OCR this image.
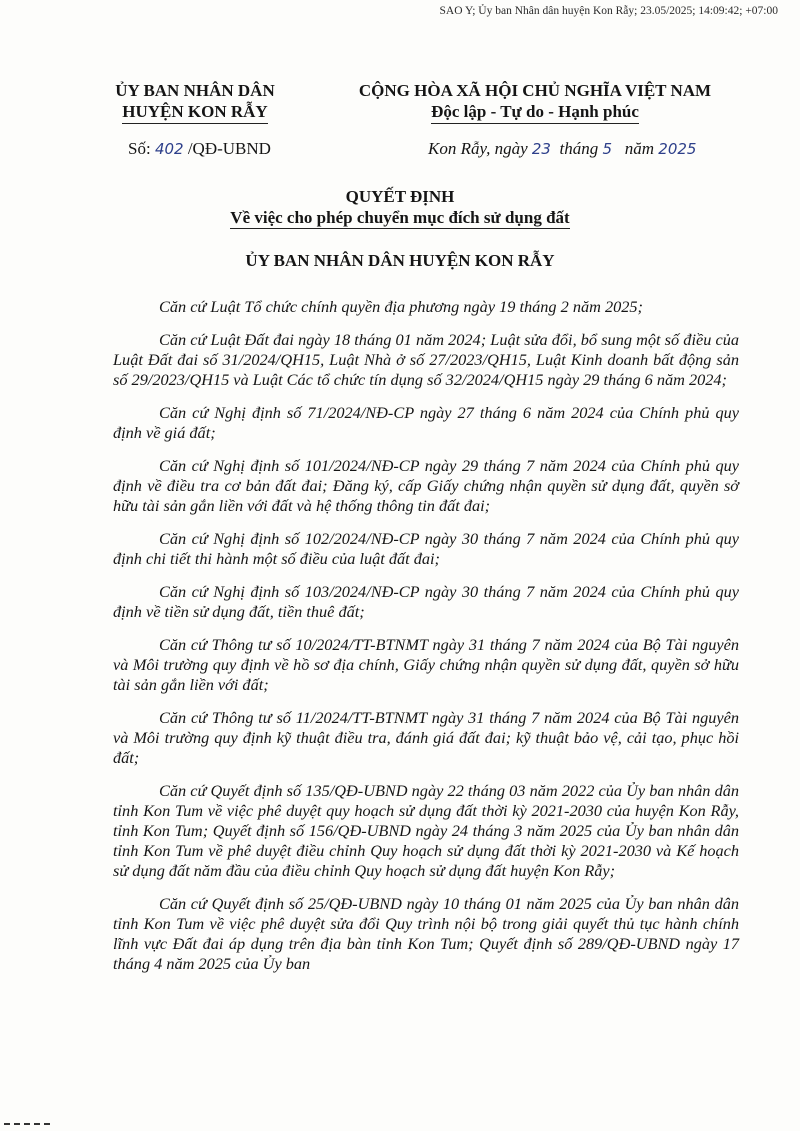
SAO Y; Ủy ban Nhân dân huyện Kon Rẫy; 23.05/2025; 14:09:42; +07:00
ỦY BAN NHÂN DÂN
HUYỆN KON RẪY
CỘNG HÒA XÃ HỘI CHỦ NGHĨA VIỆT NAM
Độc lập - Tự do - Hạnh phúc
Số: 402 /QĐ-UBND	Kon Rẫy, ngày 23 tháng 5 năm 2025
QUYẾT ĐỊNH
Về việc cho phép chuyển mục đích sử dụng đất
ỦY BAN NHÂN DÂN HUYỆN KON RẪY

Căn cứ Luật Tổ chức chính quyền địa phương ngày 19 tháng 2 năm 2025;

Căn cứ Luật Đất đai ngày 18 tháng 01 năm 2024; Luật sửa đổi, bổ sung một số điều của Luật Đất đai số 31/2024/QH15, Luật Nhà ở số 27/2023/QH15, Luật Kinh doanh bất động sản số 29/2023/QH15 và Luật Các tổ chức tín dụng số 32/2024/QH15 ngày 29 tháng 6 năm 2024;

Căn cứ Nghị định số 71/2024/NĐ-CP ngày 27 tháng 6 năm 2024 của Chính phủ quy định về giá đất;

Căn cứ Nghị định số 101/2024/NĐ-CP ngày 29 tháng 7 năm 2024 của Chính phủ quy định về điều tra cơ bản đất đai; Đăng ký, cấp Giấy chứng nhận quyền sử dụng đất, quyền sở hữu tài sản gắn liền với đất và hệ thống thông tin đất đai;

Căn cứ Nghị định số 102/2024/NĐ-CP ngày 30 tháng 7 năm 2024 của Chính phủ quy định chi tiết thi hành một số điều của luật đất đai;

Căn cứ Nghị định số 103/2024/NĐ-CP ngày 30 tháng 7 năm 2024 của Chính phủ quy định về tiền sử dụng đất, tiền thuê đất;

Căn cứ Thông tư số 10/2024/TT-BTNMT ngày 31 tháng 7 năm 2024 của Bộ Tài nguyên và Môi trường quy định về hồ sơ địa chính, Giấy chứng nhận quyền sử dụng đất, quyền sở hữu tài sản gắn liền với đất;

Căn cứ Thông tư số 11/2024/TT-BTNMT ngày 31 tháng 7 năm 2024 của Bộ Tài nguyên và Môi trường quy định kỹ thuật điều tra, đánh giá đất đai; kỹ thuật bảo vệ, cải tạo, phục hồi đất;

Căn cứ Quyết định số 135/QĐ-UBND ngày 22 tháng 03 năm 2022 của Ủy ban nhân dân tỉnh Kon Tum về việc phê duyệt quy hoạch sử dụng đất thời kỳ 2021-2030 của huyện Kon Rẫy, tỉnh Kon Tum; Quyết định số 156/QĐ-UBND ngày 24 tháng 3 năm 2025 của Ủy ban nhân dân tỉnh Kon Tum về phê duyệt điều chỉnh Quy hoạch sử dụng đất thời kỳ 2021-2030 và Kế hoạch sử dụng đất năm đầu của điều chỉnh Quy hoạch sử dụng đất huyện Kon Rẫy;

Căn cứ Quyết định số 25/QĐ-UBND ngày 10 tháng 01 năm 2025 của Ủy ban nhân dân tỉnh Kon Tum về việc phê duyệt sửa đổi Quy trình nội bộ trong giải quyết thủ tục hành chính lĩnh vực Đất đai áp dụng trên địa bàn tỉnh Kon Tum; Quyết định số 289/QĐ-UBND ngày 17 tháng 4 năm 2025 của Ủy ban
